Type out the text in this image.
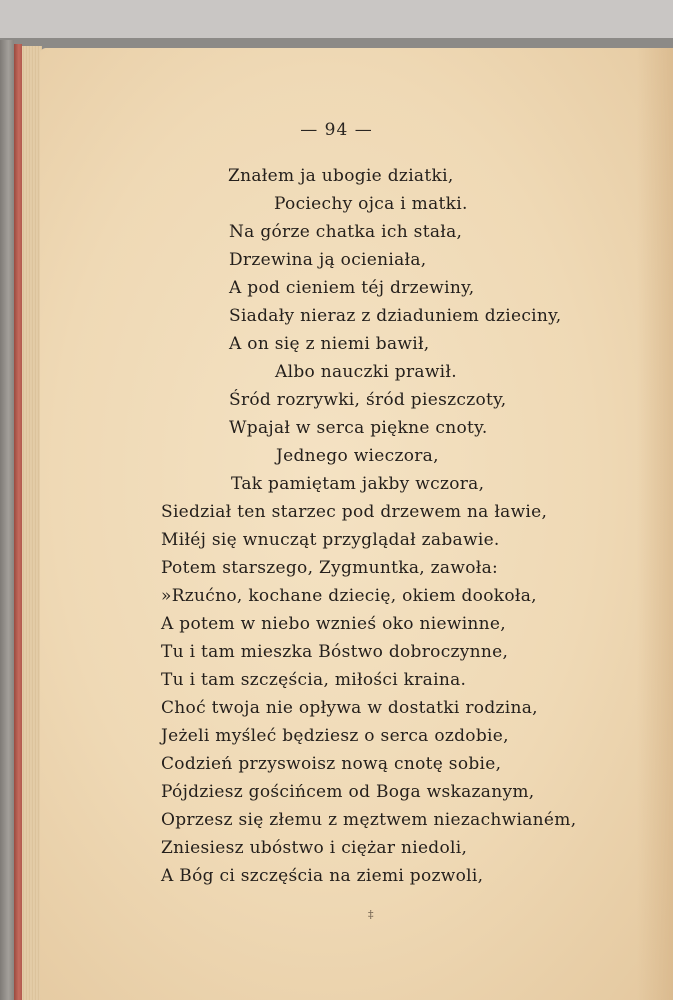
— 94 —
Znałem ja ubogie dziatki,
Pociechy ojca i matki.
Na górze chatka ich stała,
Drzewina ją ocieniała,
A pod cieniem téj drzewiny,
Siadały nieraz z dziaduniem dzieciny,
A on się z niemi bawił,
Albo nauczki prawił.
Śród rozrywki, śród pieszczoty,
Wpajał w serca piękne cnoty.
Jednego wieczora,
Tak pamiętam jakby wczora,
Siedział ten starzec pod drzewem na ławie,
Miłéj się wnucząt przyglądał zabawie.
Potem starszego, Zygmuntka, zawoła:
»Rzućno, kochane dziecię, okiem dookoła,
A potem w niebo wznieś oko niewinne,
Tu i tam mieszka Bóstwo dobroczynne,
Tu i tam szczęścia, miłości kraina.
Choć twoja nie opływa w dostatki rodzina,
Jeżeli myśleć będziesz o serca ozdobie,
Codzień przyswoisz nową cnotę sobie,
Pójdziesz gościńcem od Boga wskazanym,
Oprzesz się złemu z męztwem niezachwianém,
Zniesiesz ubóstwo i ciężar niedoli,
A Bóg ci szczęścia na ziemi pozwoli,
‡
